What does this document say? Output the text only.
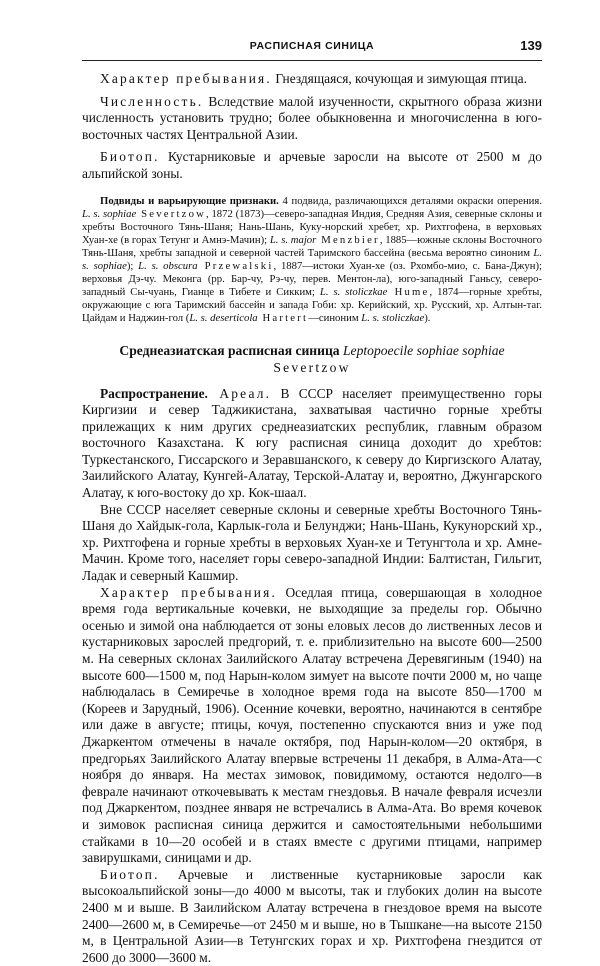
РАСПИСНАЯ СИНИЦА	139

Характер пребывания. Гнездящаяся, кочующая и зимующая птица.

Численность. Вследствие малой изученности, скрытного образа жизни численность установить трудно; более обыкновенна и многочисленна в юго-восточных частях Центральной Азии.

Биотоп. Кустарниковые и арчевые заросли на высоте от 2500 м до альпийской зоны.

Подвиды и варьирующие признаки. 4 подвида, различающихся деталями окраски оперения. L. s. sophiae Severtzow, 1872 (1873)—северо-западная Индия, Средняя Азия, северные склоны и хребты Восточного Тянь-Шаня; Нань-Шань, Куку-норский хребет, хр. Рихтгофена, в верховьях Хуан-хе (в горах Тетунг и Амнэ-Мачин); L. s. major Menzbier, 1885—южные склоны Восточного Тянь-Шаня, хребты западной и северной частей Таримского бассейна (весьма вероятно синоним L. s. sophiae); L. s. obscura Przewalski, 1887—истоки Хуан-хе (оз. Рхомбо-мио, с. Бана-Джун); верховья Дэ-чу. Меконга (рр. Бар-чу, Рэ-чу, перев. Ментон-ла), юго-западный Ганьсу, северо-западный Сы-чуань, Гианце в Тибете и Сикким; L. s. stoliczkae Hume, 1874—горные хребты, окружающие с юга Таримский бассейн и запада Гоби: хр. Керийский, хр. Русский, хр. Алтын-таг. Цайдам и Наджин-гол (L. s. deserticola Hartert—синоним L. s. stoliczkae).

Среднеазиатская расписная синица Leptopoecile sophiae sophiae
Severtzow

Распространение. Ареал. В СССР населяет преимущественно горы Киргизии и север Таджикистана, захватывая частично горные хребты прилежащих к ним других среднеазиатских республик, главным образом восточного Казахстана. К югу расписная синица доходит до хребтов: Туркестанского, Гиссарского и Зеравшанского, к северу до Киргизского Алатау, Заилийского Алатау, Кунгей-Алатау, Терской-Алатау и, вероятно, Джунгарского Алатау, к юго-востоку до хр. Кок-шаал.

Вне СССР населяет северные склоны и северные хребты Восточного Тянь-Шаня до Хайдык-гола, Карлык-гола и Белунджи; Нань-Шань, Кукунорский хр., хр. Рихтгофена и горные хребты в верховьях Хуан-хе и Тетунгтола и хр. Амне-Мачин. Кроме того, населяет горы северо-западной Индии: Балтистан, Гильгит, Ладак и северный Кашмир.

Характер пребывания. Оседлая птица, совершающая в холодное время года вертикальные кочевки, не выходящие за пределы гор. Обычно осенью и зимой она наблюдается от зоны еловых лесов до лиственных лесов и кустарниковых зарослей предгорий, т. е. приблизительно на высоте 600—2500 м. На северных склонах Заилийского Алатау встречена Деревягиным (1940) на высоте 600—1500 м, под Нарын-колом зимует на высоте почти 2000 м, но чаще наблюдалась в Семиречье в холодное время года на высоте 850—1700 м (Кореев и Зарудный, 1906). Осенние кочевки, вероятно, начинаются в сентябре или даже в августе; птицы, кочуя, постепенно спускаются вниз и уже под Джаркентом отмечены в начале октября, под Нарын-колом—20 октября, в предгорьях Заилийского Алатау впервые встречены 11 декабря, в Алма-Ата—с ноября до января. На местах зимовок, повидимому, остаются недолго—в феврале начинают откочевывать к местам гнездовья. В начале февраля исчезли под Джаркентом, позднее января не встречались в Алма-Ата. Во время кочевок и зимовок расписная синица держится и самостоятельными небольшими стайками в 10—20 особей и в стаях вместе с другими птицами, например завирушками, синицами и др.

Биотоп. Арчевые и лиственные кустарниковые заросли как высокоальпийской зоны—до 4000 м высоты, так и глубоких долин на высоте 2400 м и выше. В Заилийском Алатау встречена в гнездовое время на высоте 2400—2600 м, в Семиречье—от 2450 м и выше, но в Тышкане—на высоте 2150 м, в Центральной Азии—в Тетунгских горах и хр. Рихтгофена гнездится от 2600 до 3000—3600 м.
